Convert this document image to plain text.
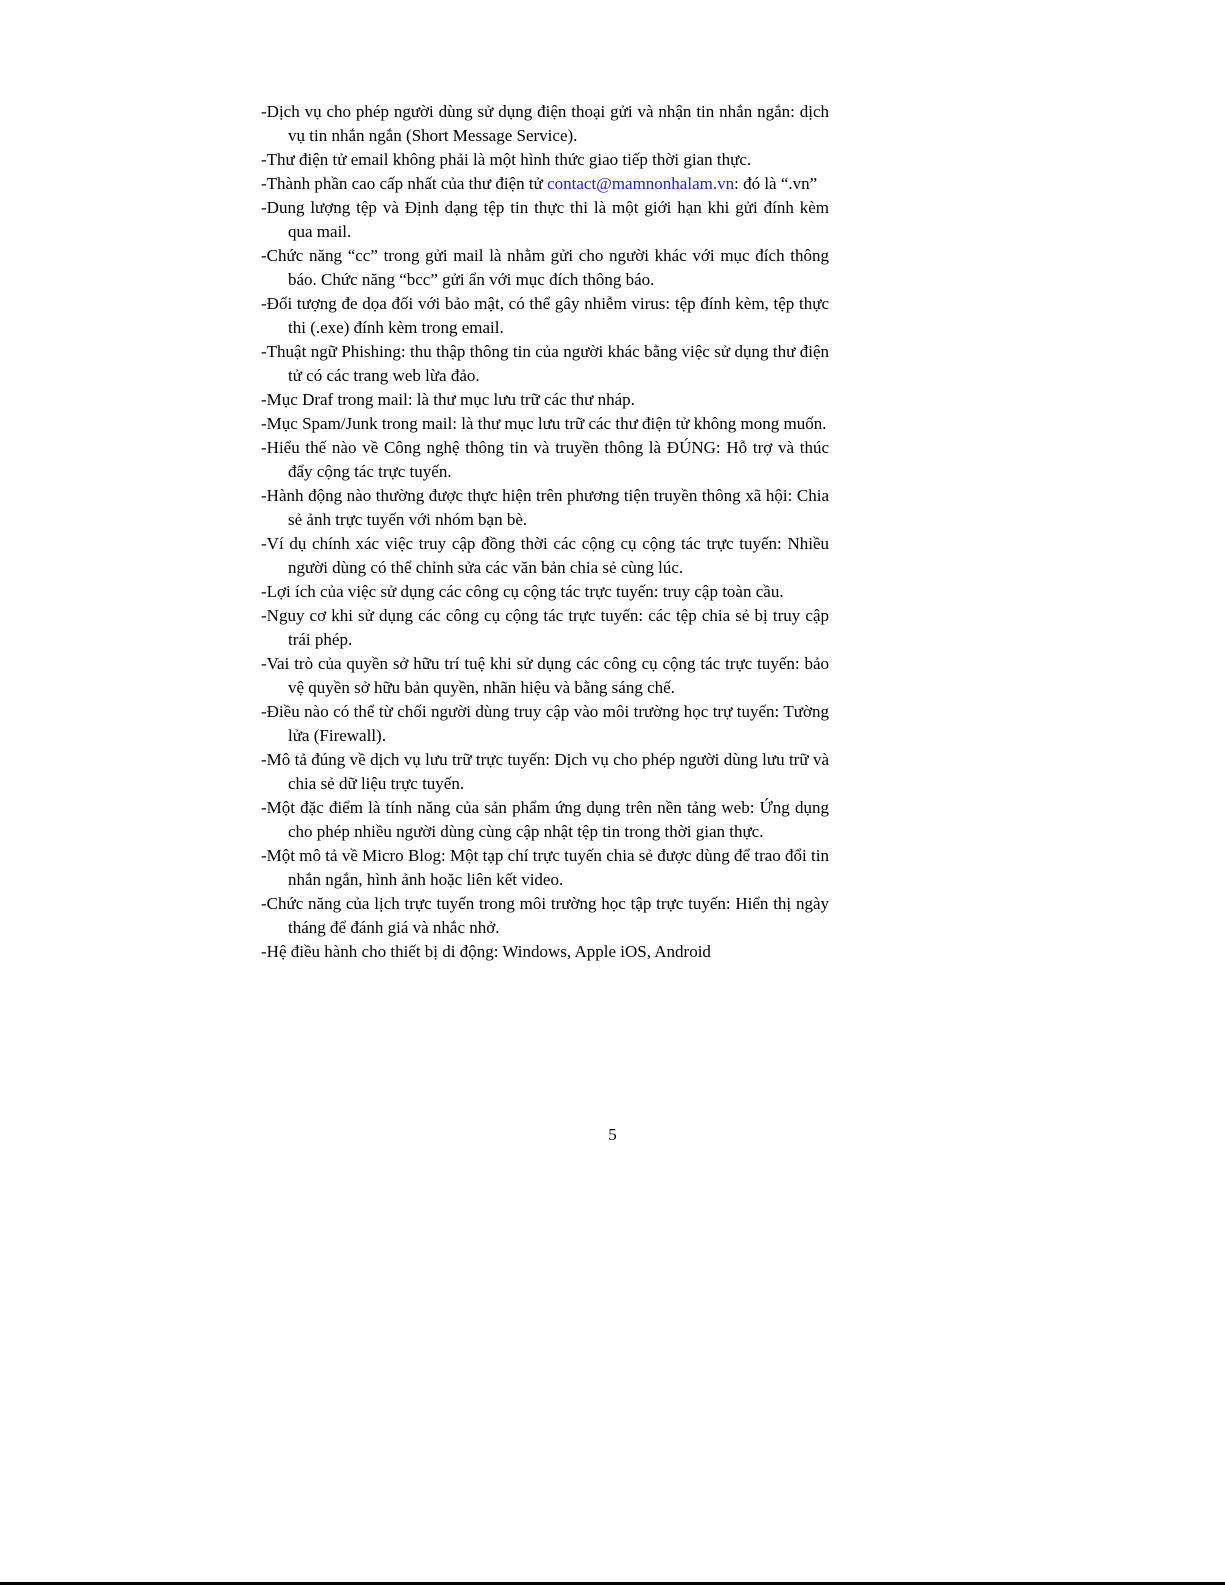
-Dịch vụ cho phép người dùng sử dụng điện thoại gửi và nhận tin nhắn ngắn: dịch vụ tin nhắn ngắn (Short Message Service).

-Thư điện tử email không phải là một hình thức giao tiếp thời gian thực.

-Thành phần cao cấp nhất của thư điện tử contact@mamnonhalam.vn: đó là “.vn”

-Dung lượng tệp và Định dạng tệp tin thực thi là một giới hạn khi gửi đính kèm qua mail.

-Chức năng “cc” trong gửi mail là nhằm gửi cho người khác với mục đích thông báo. Chức năng “bcc” gửi ẩn với mục đích thông báo.

-Đối tượng đe dọa đối với bảo mật, có thể gây nhiễm virus: tệp đính kèm, tệp thực thi (.exe) đính kèm trong email.

-Thuật ngữ Phishing: thu thập thông tin của người khác bằng việc sử dụng thư điện tử có các trang web lừa đảo.

-Mục Draf trong mail: là thư mục lưu trữ các thư nháp.

-Mục Spam/Junk trong mail: là thư mục lưu trữ các thư điện tử không mong muốn.

-Hiểu thế nào về Công nghệ thông tin và truyền thông là ĐÚNG: Hỗ trợ và thúc đẩy cộng tác trực tuyến.

-Hành động nào thường được thực hiện trên phương tiện truyền thông xã hội: Chia sẻ ảnh trực tuyến với nhóm bạn bè.

-Ví dụ chính xác việc truy cập đồng thời các cộng cụ cộng tác trực tuyến: Nhiều người dùng có thể chỉnh sửa các văn bản chia sẻ cùng lúc.

-Lợi ích của việc sử dụng các công cụ cộng tác trực tuyến: truy cập toàn cầu.

-Nguy cơ khi sử dụng các công cụ cộng tác trực tuyến: các tệp chia sẻ bị truy cập trái phép.

-Vai trò của quyền sở hữu trí tuệ khi sử dụng các công cụ cộng tác trực tuyến: bảo vệ quyền sở hữu bản quyền, nhãn hiệu và bằng sáng chế.

-Điều nào có thể từ chối người dùng truy cập vào môi trường học trự tuyến: Tường lửa (Firewall).

-Mô tả đúng về dịch vụ lưu trữ trực tuyến: Dịch vụ cho phép người dùng lưu trữ và chia sẻ dữ liệu trực tuyến.

-Một đặc điểm là tính năng của sản phẩm ứng dụng trên nền tảng web: Ứng dụng cho phép nhiều người dùng cùng cập nhật tệp tin trong thời gian thực.

-Một mô tả về Micro Blog: Một tạp chí trực tuyến chia sẻ được dùng để trao đổi tin nhắn ngắn, hình ảnh hoặc liên kết video.

-Chức năng của lịch trực tuyến trong môi trường học tập trực tuyến: Hiển thị ngày tháng để đánh giá và nhắc nhở.

-Hệ điều hành cho thiết bị di động: Windows, Apple iOS, Android

5
